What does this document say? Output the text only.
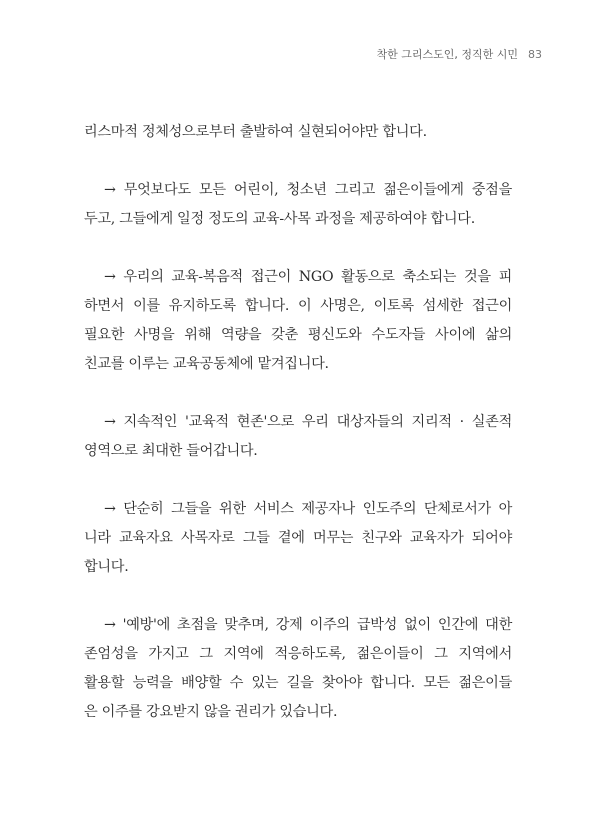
착한 그리스도인, 정직한 시민 83

리스마적 정체성으로부터 출발하여 실현되어야만 합니다.

→ 무엇보다도 모든 어린이, 청소년 그리고 젊은이들에게 중점을
두고, 그들에게 일정 정도의 교육-사목 과정을 제공하여야 합니다.

→ 우리의 교육-복음적 접근이 NGO 활동으로 축소되는 것을 피
하면서 이를 유지하도록 합니다. 이 사명은, 이토록 섬세한 접근이
필요한 사명을 위해 역량을 갖춘 평신도와 수도자들 사이에 삶의
친교를 이루는 교육공동체에 맡겨집니다.

→ 지속적인 '교육적 현존'으로 우리 대상자들의 지리적 · 실존적
영역으로 최대한 들어갑니다.

→ 단순히 그들을 위한 서비스 제공자나 인도주의 단체로서가 아
니라 교육자요 사목자로 그들 곁에 머무는 친구와 교육자가 되어야
합니다.

→ '예방'에 초점을 맞추며, 강제 이주의 급박성 없이 인간에 대한
존엄성을 가지고 그 지역에 적응하도록, 젊은이들이 그 지역에서
활용할 능력을 배양할 수 있는 길을 찾아야 합니다. 모든 젊은이들
은 이주를 강요받지 않을 권리가 있습니다.
